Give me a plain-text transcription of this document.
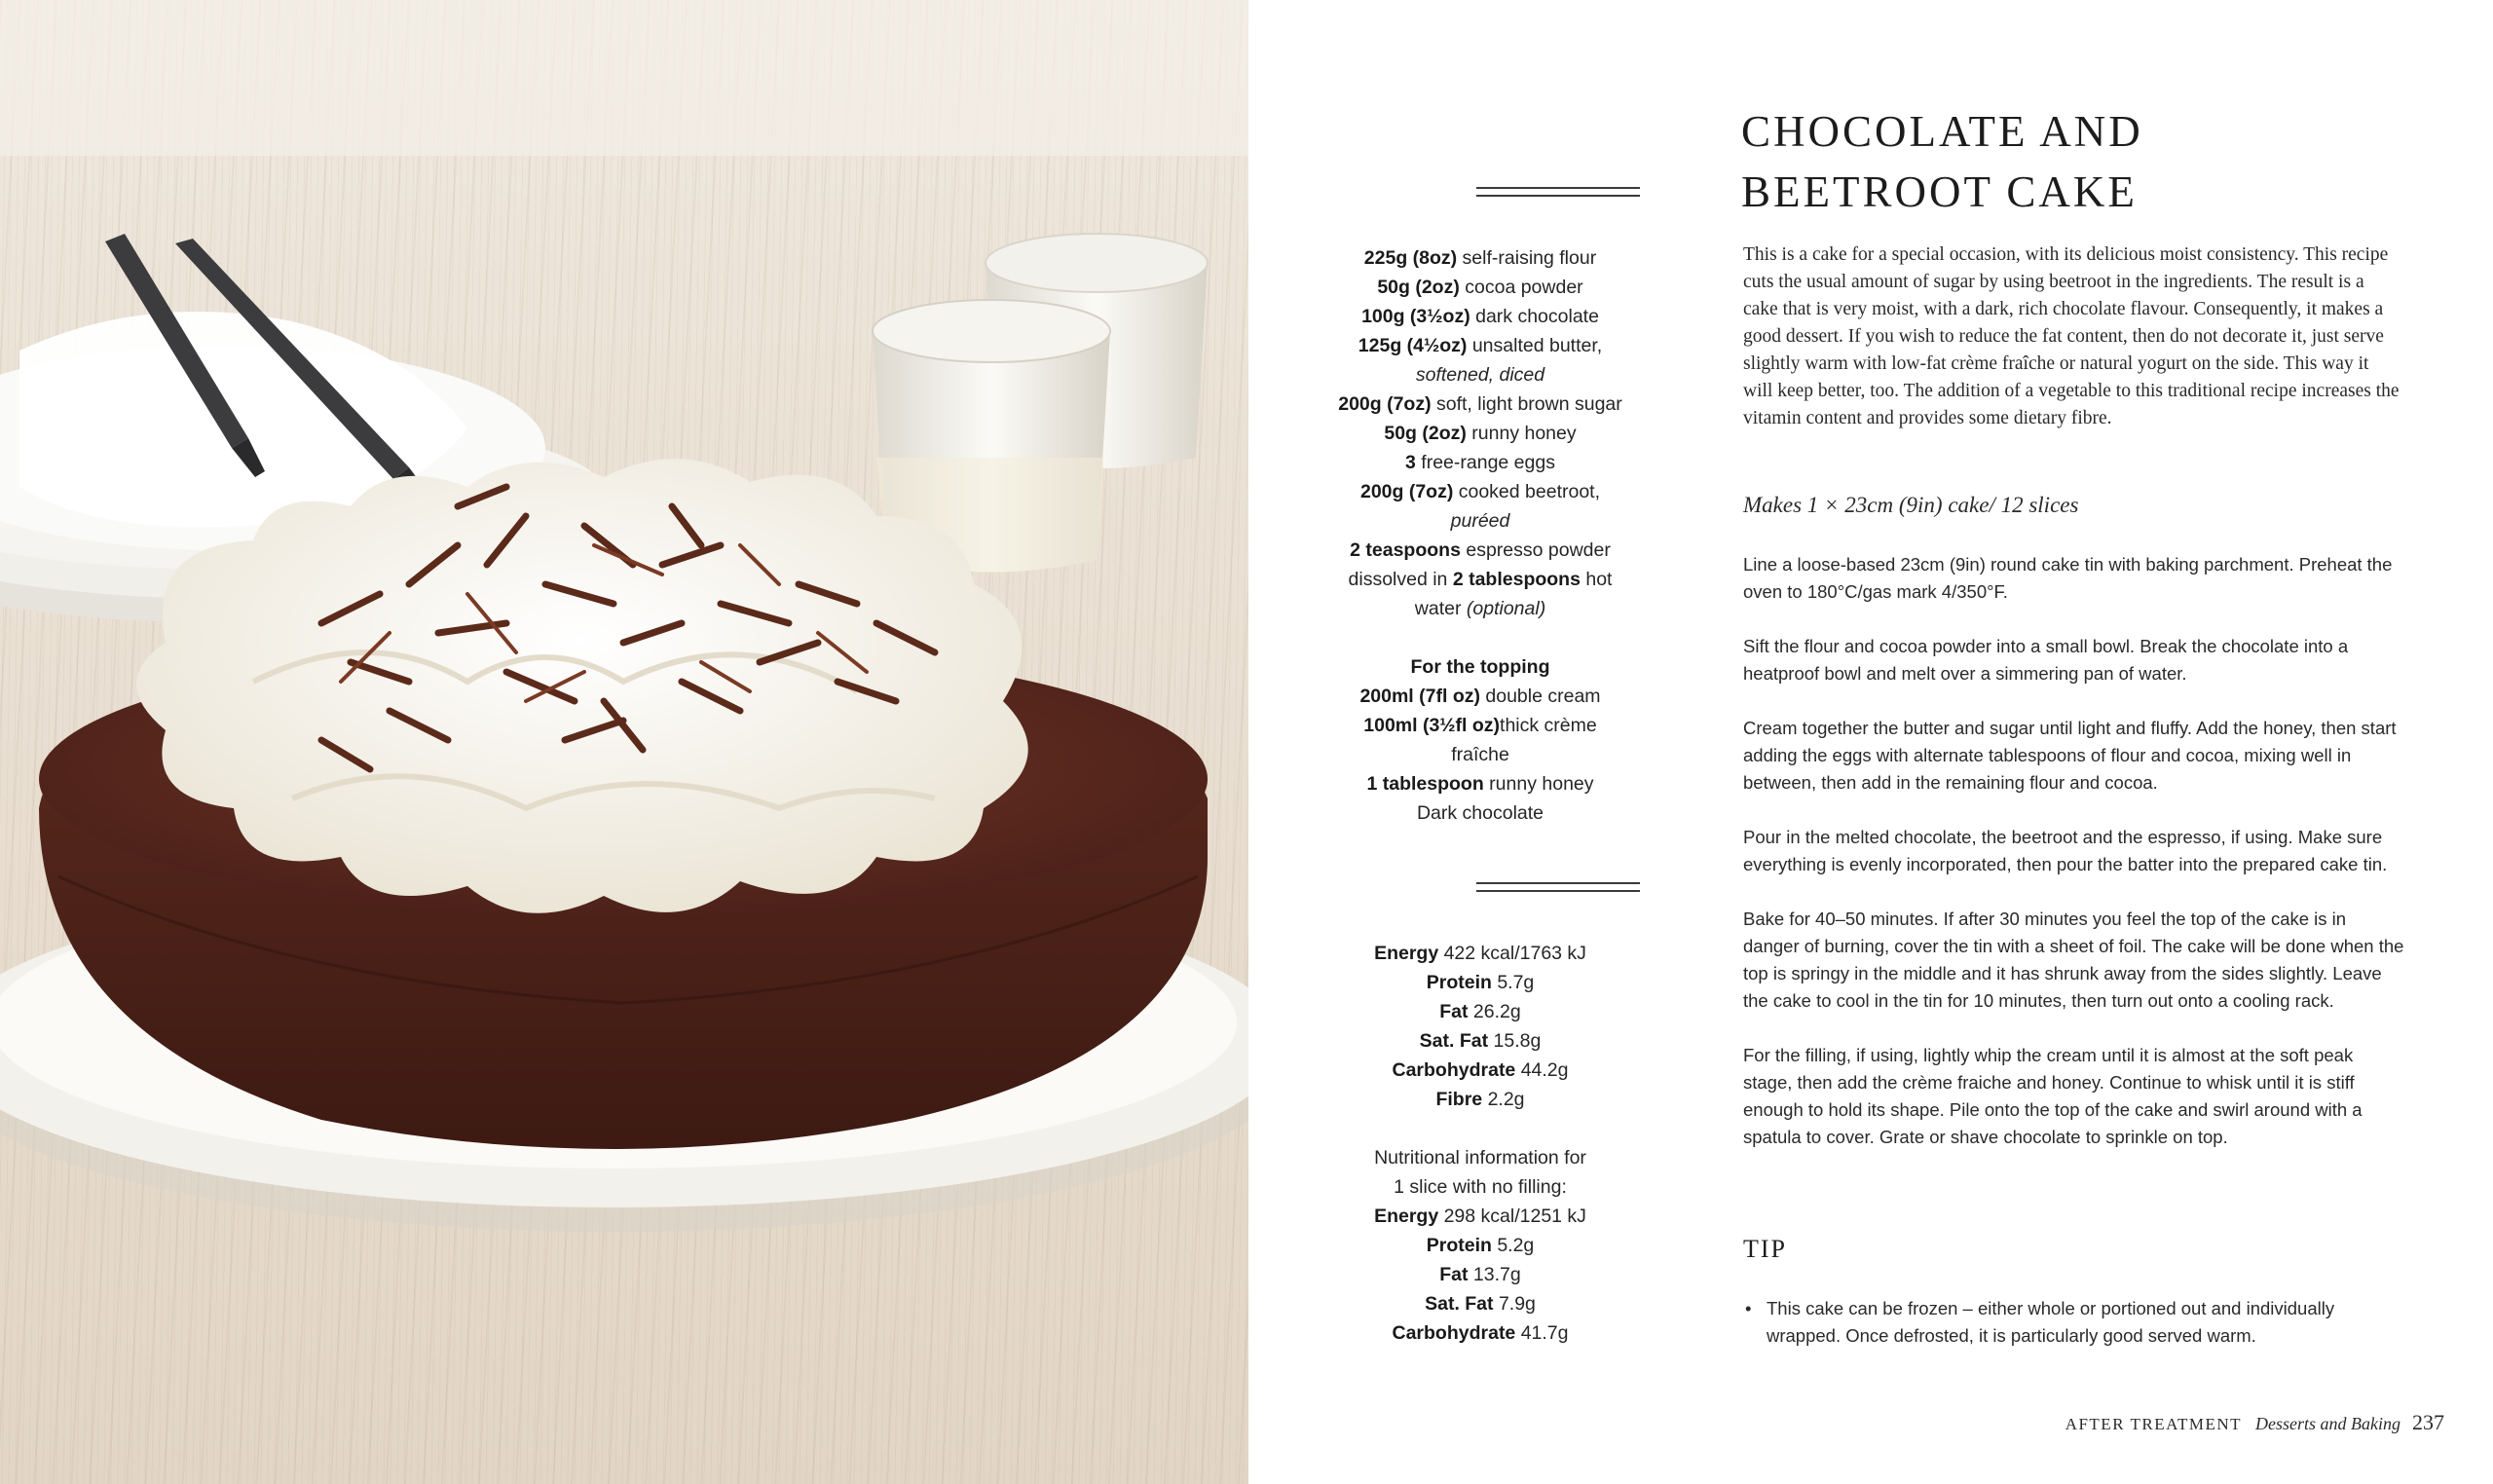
CHOCOLATE AND
BEETROOT CAKE
225g (8oz) self-raising flour
50g (2oz) cocoa powder
100g (3½oz) dark chocolate
125g (4½oz) unsalted butter,
softened, diced
200g (7oz) soft, light brown sugar
50g (2oz) runny honey
3 free-range eggs
200g (7oz) cooked beetroot,
puréed
2 teaspoons espresso powder
dissolved in 2 tablespoons hot
water (optional)
For the topping
200ml (7fl oz) double cream
100ml (3½fl oz)thick crème
fraîche
1 tablespoon runny honey
Dark chocolate
Energy 422 kcal/1763 kJ
Protein 5.7g
Fat 26.2g
Sat. Fat 15.8g
Carbohydrate 44.2g
Fibre 2.2g
Nutritional information for
1 slice with no filling:
Energy 298 kcal/1251 kJ
Protein 5.2g
Fat 13.7g
Sat. Fat 7.9g
Carbohydrate 41.7g

This is a cake for a special occasion, with its delicious moist consistency. This recipe cuts the usual amount of sugar by using beetroot in the ingredients. The result is a cake that is very moist, with a dark, rich chocolate flavour. Consequently, it makes a good dessert. If you wish to reduce the fat content, then do not decorate it, just serve slightly warm with low-fat crème fraîche or natural yogurt on the side. This way it will keep better, too. The addition of a vegetable to this traditional recipe increases the vitamin content and provides some dietary fibre.

Makes 1 × 23cm (9in) cake/ 12 slices

Line a loose-based 23cm (9in) round cake tin with baking parchment. Preheat the oven to 180°C/gas mark 4/350°F.

Sift the flour and cocoa powder into a small bowl. Break the chocolate into a heatproof bowl and melt over a simmering pan of water.

Cream together the butter and sugar until light and fluffy. Add the honey, then start adding the eggs with alternate tablespoons of flour and cocoa, mixing well in between, then add in the remaining flour and cocoa.

Pour in the melted chocolate, the beetroot and the espresso, if using. Make sure everything is evenly incorporated, then pour the batter into the prepared cake tin.

Bake for 40–50 minutes. If after 30 minutes you feel the top of the cake is in danger of burning, cover the tin with a sheet of foil. The cake will be done when the top is springy in the middle and it has shrunk away from the sides slightly. Leave the cake to cool in the tin for 10 minutes, then turn out onto a cooling rack.

For the filling, if using, lightly whip the cream until it is almost at the soft peak stage, then add the crème fraiche and honey. Continue to whisk until it is stiff enough to hold its shape. Pile onto the top of the cake and swirl around with a spatula to cover. Grate or shave chocolate to sprinkle on top.

TIP
• This cake can be frozen – either whole or portioned out and individually wrapped. Once defrosted, it is particularly good served warm.
AFTER TREATMENT Desserts and Baking 237
